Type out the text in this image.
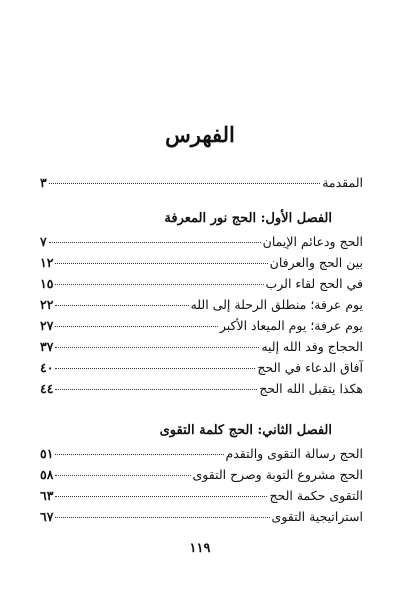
الفهرس
المقدمة
٣
الفصل الأول: الحج نور المعرفة
الحج ودعائم الإيمان
٧
بين الحج والعرفان
١٢
في الحج لقاء الرب
١٥
يوم عرفة؛ منطلق الرحلة إلى الله
٢٢
يوم عرفة؛ يوم الميعاد الأكبر
٢٧
الحجاج وفد الله إليه
٣٧
آفاق الدعاء في الحج
٤٠
هكذا يتقبل الله الحج
٤٤
الفصل الثاني: الحج كلمة التقوى
الحج رسالة التقوى والتقدم
٥١
الحج مشروع التوبة وصرح التقوى
٥٨
التقوى حكمة الحج
٦٣
استراتيجية التقوى
٦٧
١١٩
